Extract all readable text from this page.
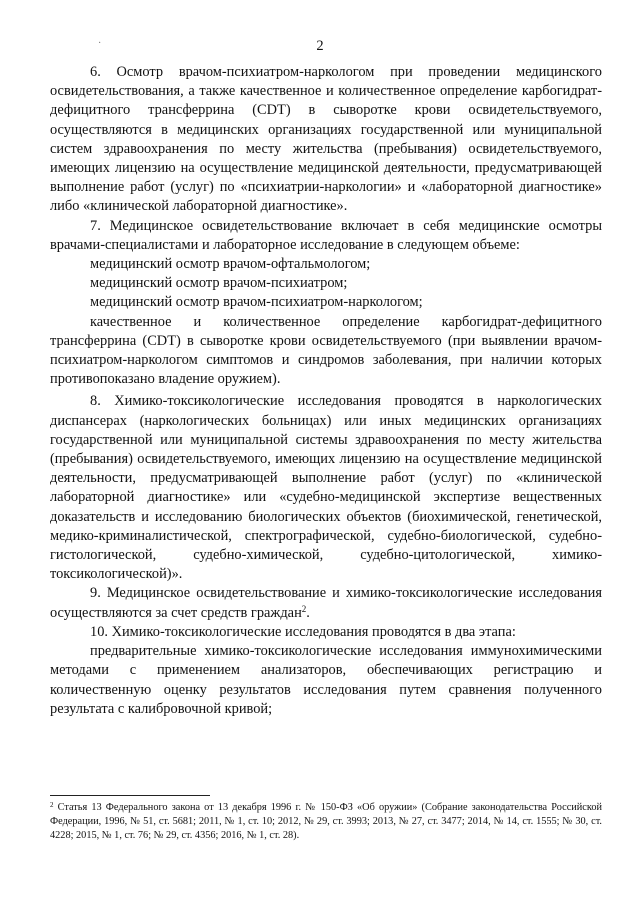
·	2

6. Осмотр врачом-психиатром-наркологом при проведении медицинского освидетельствования, а также качественное и количественное определение карбогидрат-дефицитного трансферрина (CDT) в сыворотке крови освидетельствуемого, осуществляются в медицинских организациях государственной или муниципальной систем здравоохранения по месту жительства (пребывания) освидетельствуемого, имеющих лицензию на осуществление медицинской деятельности, предусматривающей выполнение работ (услуг) по «психиатрии-наркологии» и «лабораторной диагностике» либо «клинической лабораторной диагностике».

7. Медицинское освидетельствование включает в себя медицинские осмотры врачами-специалистами и лабораторное исследование в следующем объеме:

медицинский осмотр врачом-офтальмологом;

медицинский осмотр врачом-психиатром;

медицинский осмотр врачом-психиатром-наркологом;

качественное и количественное определение карбогидрат-дефицитного трансферрина (CDT) в сыворотке крови освидетельствуемого (при выявлении врачом-психиатром-наркологом симптомов и синдромов заболевания, при наличии которых противопоказано владение оружием).

8. Химико-токсикологические исследования проводятся в наркологических диспансерах (наркологических больницах) или иных медицинских организациях государственной или муниципальной системы здравоохранения по месту жительства (пребывания) освидетельствуемого, имеющих лицензию на осуществление медицинской деятельности, предусматривающей выполнение работ (услуг) по «клинической лабораторной диагностике» или «судебно-медицинской экспертизе вещественных доказательств и исследованию биологических объектов (биохимической, генетической, медико-криминалистической, спектрографической, судебно-биологической, судебно-гистологической, судебно-химической, судебно-цитологической, химико-токсикологической)».

9. Медицинское освидетельствование и химико-токсикологические исследования осуществляются за счет средств граждан$^2$.

10. Химико-токсикологические исследования проводятся в два этапа:

предварительные химико-токсикологические исследования иммунохимическими методами с применением анализаторов, обеспечивающих регистрацию и количественную оценку результатов исследования путем сравнения полученного результата с калибровочной кривой;

$^2$ Статья 13 Федерального закона от 13 декабря 1996 г. № 150-ФЗ «Об оружии» (Собрание законодательства Российской Федерации, 1996, № 51, ст. 5681; 2011, № 1, ст. 10; 2012, № 29, ст. 3993; 2013, № 27, ст. 3477; 2014, № 14, ст. 1555; № 30, ст. 4228; 2015, № 1, ст. 76; № 29, ст. 4356; 2016, № 1, ст. 28).
